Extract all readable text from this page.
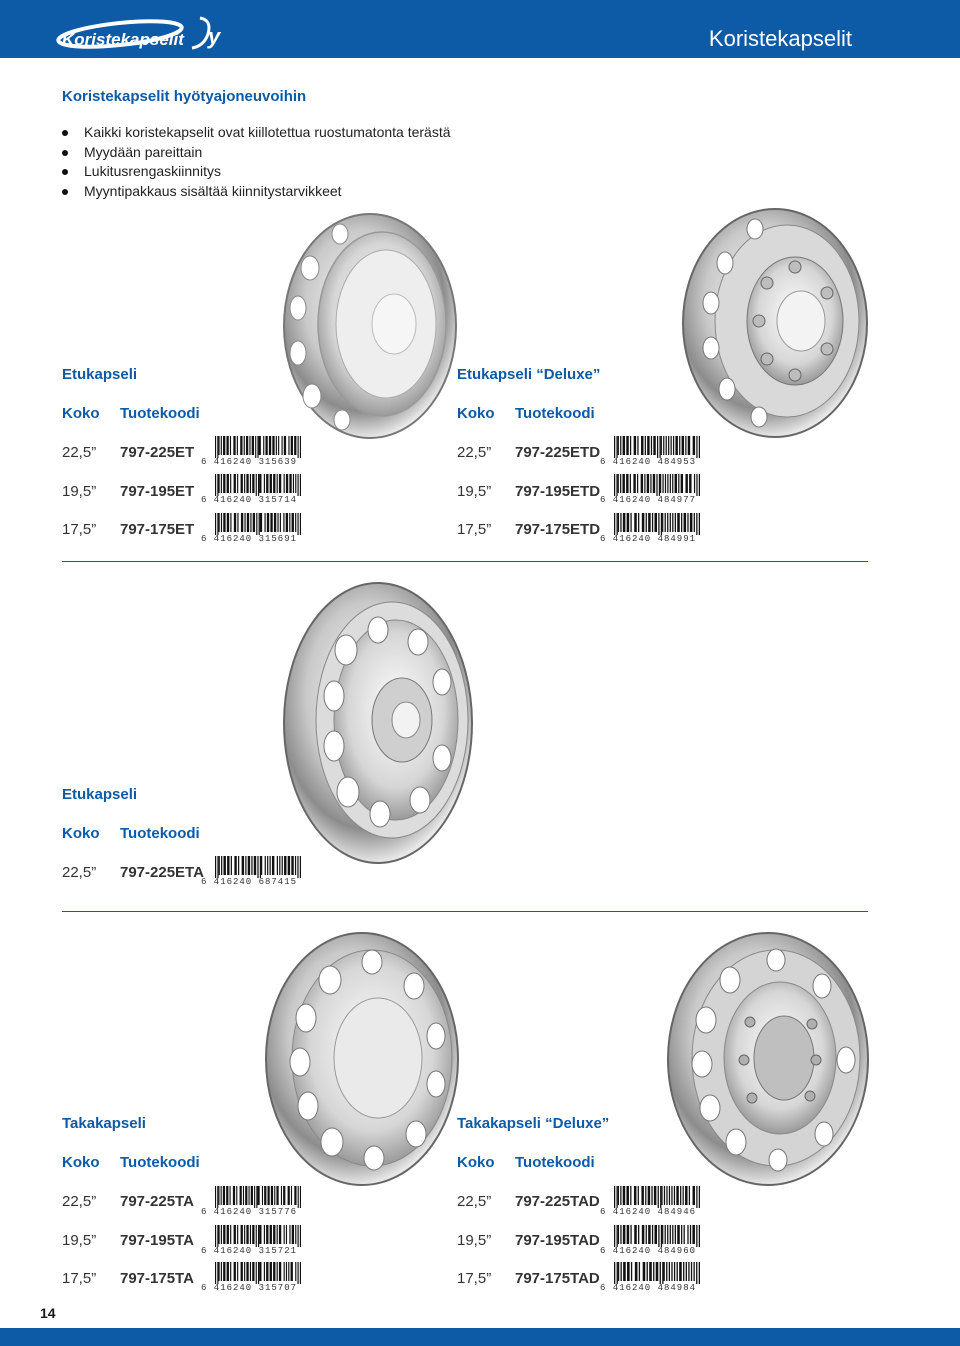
y
Koristekapselit	Koristekapselit
Koristekapselit hyötyajoneuvoihin
Kaikki koristekapselit ovat kiillotettua ruostumatonta terästä
Myydään pareittain
Lukitusrengaskiinnitys
Myyntipakkaus sisältää kiinnitystarvikkeet
Etukapseli
Koko Tuotekoodi
22,5” 797-225ET
6 416240 315639
19,5” 797-195ET 6 416240 315714
17,5” 797-175ET
6 416240 315691
Etukapseli “Deluxe”
Koko Tuotekoodi
22,5” 797-225ETD
6 416240 484953
19,5” 797-195ETD 6 416240 484977
17,5” 797-175ETD
6 416240 484991
Etukapseli
Koko Tuotekoodi
22,5” 797-225ETA
6 416240 687415
Takakapseli
Koko Tuotekoodi
22,5” 797-225TA
6 416240 315776
19,5” 797-195TA
6 416240 315721
17,5” 797-175TA
6 416240 315707
Takakapseli “Deluxe”
Koko Tuotekoodi
22,5” 797-225TAD
6 416240 484946
19,5” 797-195TAD
6 416240 484960
17,5” 797-175TAD
6 416240 484984
14
